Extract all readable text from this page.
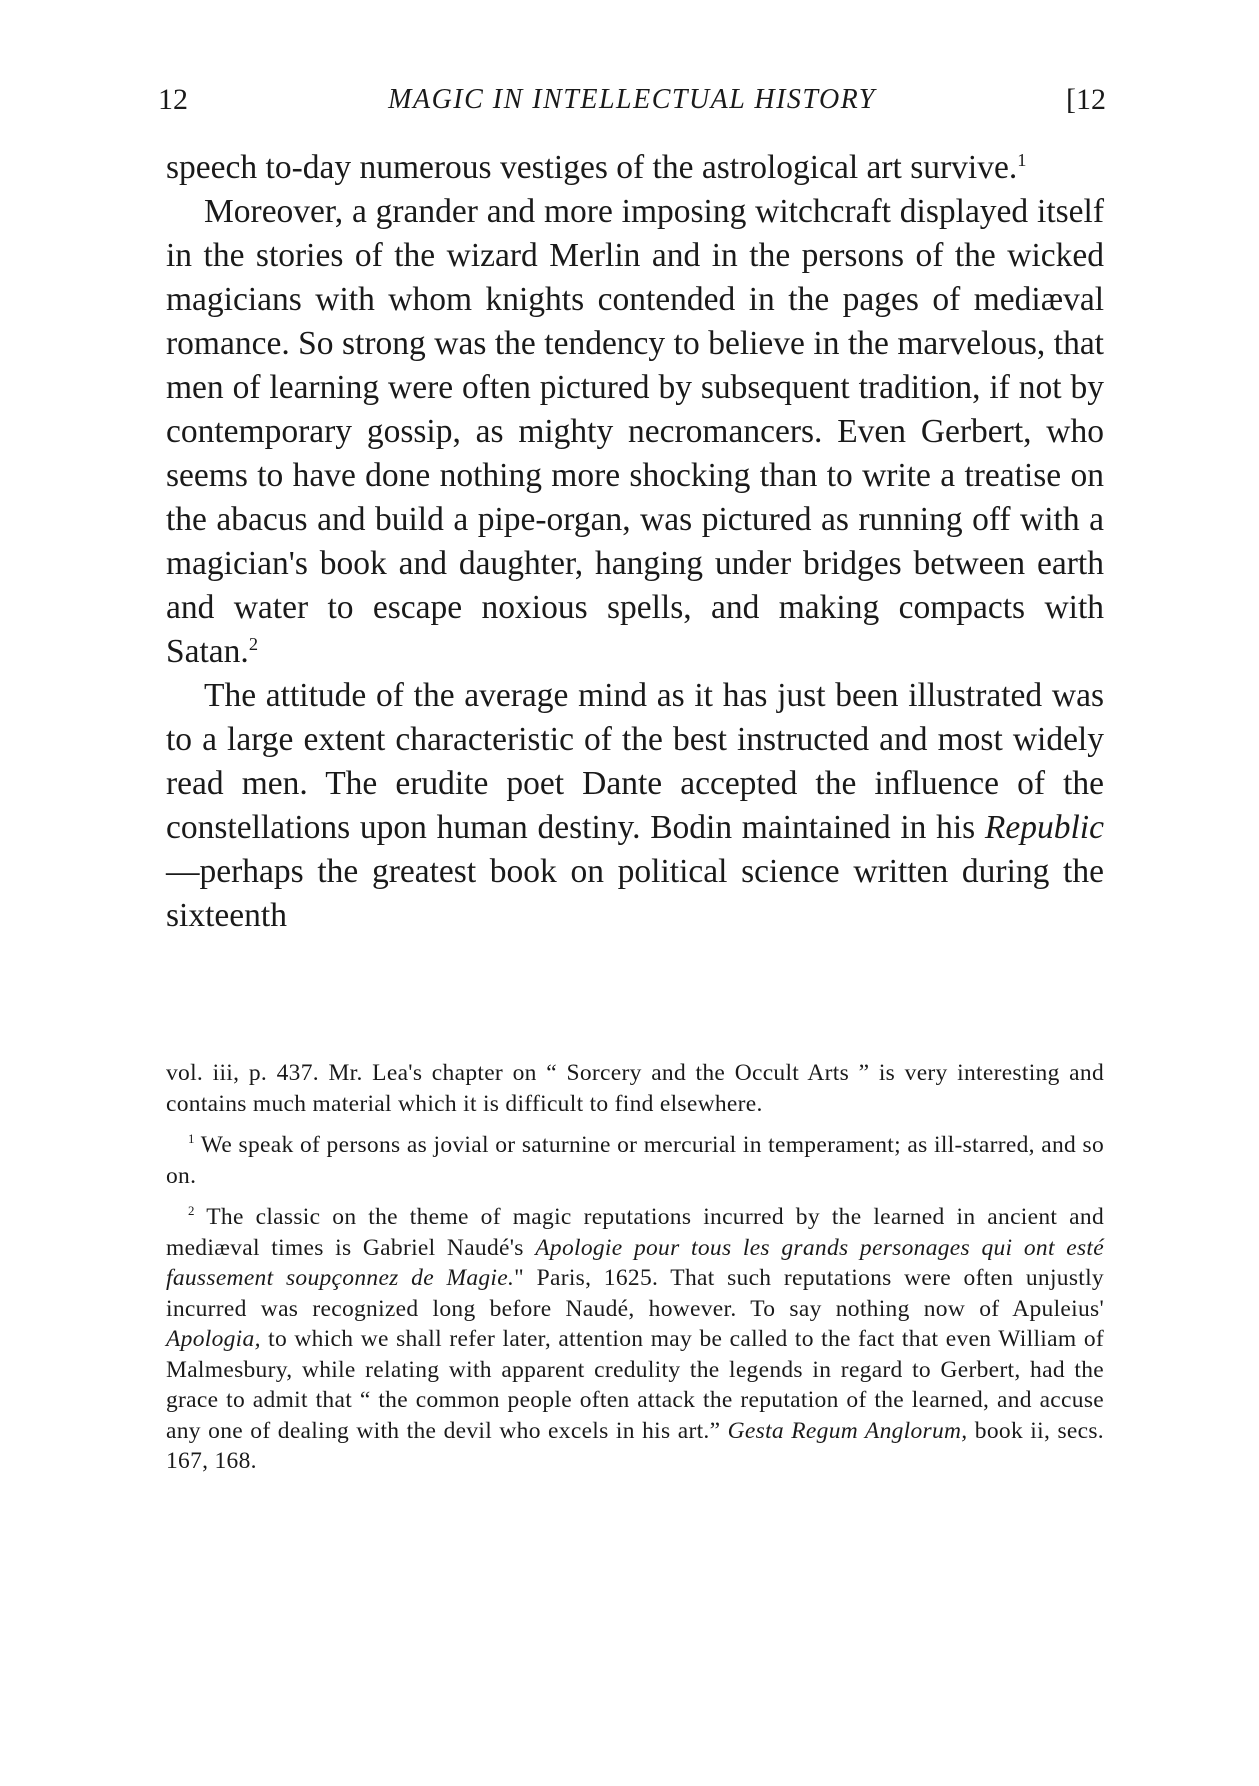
12	MAGIC IN INTELLECTUAL HISTORY	[12

speech to-day numerous vestiges of the astrological art survive.$^1$

Moreover, a grander and more imposing witchcraft displayed itself in the stories of the wizard Merlin and in the persons of the wicked magicians with whom knights contended in the pages of mediæval romance. So strong was the tendency to believe in the marvelous, that men of learning were often pictured by subsequent tradition, if not by contemporary gossip, as mighty necromancers. Even Gerbert, who seems to have done nothing more shocking than to write a treatise on the abacus and build a pipe-organ, was pictured as running off with a magician's book and daughter, hanging under bridges between earth and water to escape noxious spells, and making compacts with Satan.$^2$

The attitude of the average mind as it has just been illustrated was to a large extent characteristic of the best instructed and most widely read men. The erudite poet Dante accepted the influence of the constellations upon human destiny. Bodin maintained in his Republic—perhaps the greatest book on political science written during the sixteenth

vol. iii, p. 437. Mr. Lea's chapter on “ Sorcery and the Occult Arts ” is very interesting and contains much material which it is difficult to find elsewhere.

$^1$ We speak of persons as jovial or saturnine or mercurial in temperament; as ill-starred, and so on.

$^2$ The classic on the theme of magic reputations incurred by the learned in ancient and mediæval times is Gabriel Naudé's Apologie pour tous les grands personages qui ont esté faussement soupçonnez de Magie." Paris, 1625. That such reputations were often unjustly incurred was recognized long before Naudé, however. To say nothing now of Apuleius' Apologia, to which we shall refer later, attention may be called to the fact that even William of Malmesbury, while relating with apparent credulity the legends in regard to Gerbert, had the grace to admit that “ the common people often attack the reputation of the learned, and accuse any one of dealing with the devil who excels in his art.” Gesta Regum Anglorum, book ii, secs. 167, 168.
